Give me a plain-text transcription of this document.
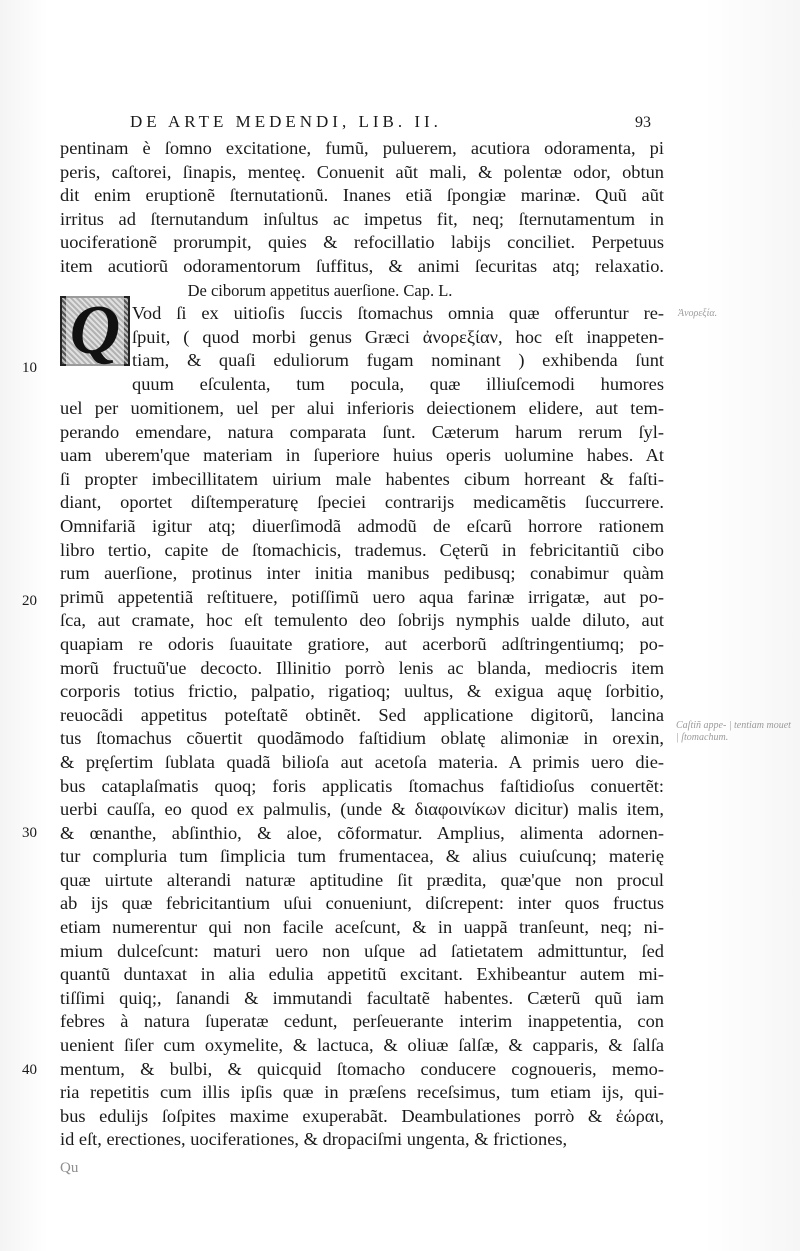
DE ARTE MEDENDI, LIB. II.	93
pentinam è ſomno excitatione, fumũ, puluerem, acutiora odoramenta, pi
peris, caſtorei, ſinapis, menteę. Conuenit aũt mali, & polentæ odor, obtun
dit enim eruptionẽ ſternutationũ. Inanes etiã ſpongiæ marinæ. Quũ aũt
irritus ad ſternutandum inſultus ac impetus fit, neq; ſternutamentum in
uociferationẽ prorumpit, quies & refocillatio labijs conciliet. Perpetuus
item acutiorũ odoramentorum ſuffitus, & animi ſecuritas atq; relaxatio.
De ciborum appetitus auerſione. Cap. L.
Q Vod ſi ex uitioſis ſuccis ſtomachus omnia quæ offeruntur re-
ſpuit, ( quod morbi genus Græci ἀνορεξίαν, hoc eſt inappeten-
tiam, & quaſi eduliorum fugam nominant ) exhibenda ſunt
quum eſculenta, tum pocula, quæ illiuſcemodi humores
uel per uomitionem, uel per alui inferioris deiectionem elidere, aut tem-
perando emendare, natura comparata ſunt. Cæterum harum rerum ſyl-
uam uberem'que materiam in ſuperiore huius operis uolumine habes. At
ſi propter imbecillitatem uirium male habentes cibum horreant & faſti-
diant, oportet diſtemperaturę ſpeciei contrarijs medicamẽtis ſuccurrere.
Omnifariã igitur atq; diuerſimodã admodũ de eſcarũ horrore rationem
libro tertio, capite de ſtomachicis, trademus. Cęterũ in febricitantiũ cibo
rum auerſione, protinus inter initia manibus pedibusq; conabimur quàm
primũ appetentiã reſtituere, potiſſimũ uero aqua farinæ irrigatæ, aut po-
ſca, aut cramate, hoc eſt temulento deo ſobrijs nymphis ualde diluto, aut
quapiam re odoris ſuauitate gratiore, aut acerborũ adſtringentiumq; po-
morũ fructuũ'ue decocto. Illinitio porrò lenis ac blanda, mediocris item
corporis totius frictio, palpatio, rigatioq; uultus, & exigua aquę ſorbitio,
reuocãdi appetitus poteſtatẽ obtinẽt. Sed applicatione digitorũ, lancina
tus ſtomachus cõuertit quodãmodo faſtidium oblatę alimoniæ in orexin,
& pręſertim ſublata quadã bilioſa aut acetoſa materia. A primis uero die-
bus cataplaſmatis quoq; foris applicatis ſtomachus faſtidioſus conuertẽt:
uerbi cauſſa, eo quod ex palmulis, (unde & διαφοινίκων dicitur) malis item,
& œnanthe, abſinthio, & aloe, cõformatur. Amplius, alimenta adornen-
tur compluria tum ſimplicia tum frumentacea, & alius cuiuſcunq; materię
quæ uirtute alterandi naturæ aptitudine ſit prædita, quæ'que non procul
ab ijs quæ febricitantium uſui conueniunt, diſcrepent: inter quos fructus
etiam numerentur qui non facile aceſcunt, & in uappã tranſeunt, neq; ni-
mium dulceſcunt: maturi uero non uſque ad ſatietatem admittuntur, ſed
quantũ duntaxat in alia edulia appetitũ excitant. Exhibeantur autem mi-
tiſſimi quiq;, ſanandi & immutandi facultatẽ habentes. Cæterũ quũ iam
febres à natura ſuperatæ cedunt, perſeuerante interim inappetentia, con
uenient ſiſer cum oxymelite, & lactuca, & oliuæ ſalſæ, & capparis, & ſalſa
mentum, & bulbi, & quicquid ſtomacho conducere cognoueris, memo-
ria repetitis cum illis ipſis quæ in præſens receſsimus, tum etiam ijs, qui-
bus edulijs ſoſpites maxime exuperabãt. Deambulationes porrò & ἐώραι,
id eſt, erectiones, uociferationes, & dropaciſmi ungenta, & frictiones,
10
20
30
40
Ἀνορεξία.
Caſtiñ appe- | tentiam mouet | ſtomachum.
Qu
